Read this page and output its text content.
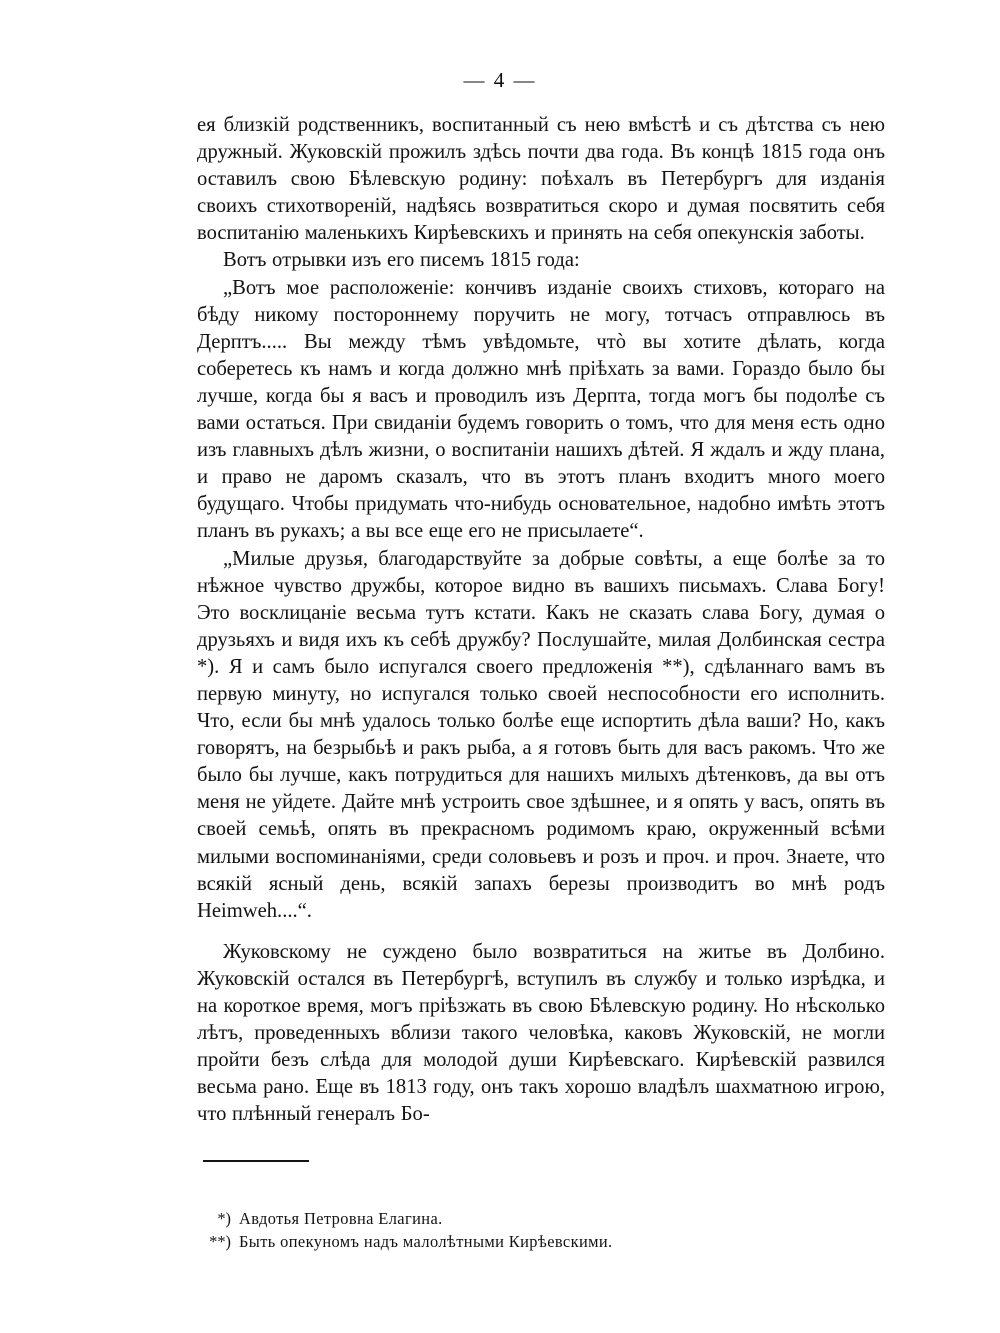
— 4 —

ея близкій родственникъ, воспитанный съ нею вмѣстѣ и съ дѣтства съ нею дружный. Жуковскій прожилъ здѣсь почти два года. Въ концѣ 1815 года онъ оставилъ свою Бѣлевскую родину: поѣхалъ въ Петербургъ для изданія своихъ стихотвореній, надѣясь возвратиться скоро и думая посвятить себя воспитанію маленькихъ Кирѣевскихъ и принять на себя опекунскія заботы.

Вотъ отрывки изъ его писемъ 1815 года:

„Вотъ мое расположеніе: кончивъ изданіе своихъ стиховъ, котораго на бѣду никому постороннему поручить не могу, тотчасъ отправлюсь въ Дерптъ..... Вы между тѣмъ увѣдомьте, чтò вы хотите дѣлать, когда соберетесь къ намъ и когда должно мнѣ пріѣхать за вами. Гораздо было бы лучше, когда бы я васъ и проводилъ изъ Дерпта, тогда могъ бы подолѣе съ вами остаться. При свиданіи будемъ говорить о томъ, что для меня есть одно изъ главныхъ дѣлъ жизни, о воспитаніи нашихъ дѣтей. Я ждалъ и жду плана, и право не даромъ сказалъ, что въ этотъ планъ входитъ много моего будущаго. Чтобы придумать что-нибудь основательное, надобно имѣть этотъ планъ въ рукахъ; а вы все еще его не присылаете“.

„Милые друзья, благодарствуйте за добрые совѣты, а еще болѣе за то нѣжное чувство дружбы, которое видно въ вашихъ письмахъ. Слава Богу! Это восклицаніе весьма тутъ кстати. Какъ не сказать слава Богу, думая о друзьяхъ и видя ихъ къ себѣ дружбу? Послушайте, милая Долбинская сестра *). Я и самъ было испугался своего предложенія **), сдѣланнаго вамъ въ первую минуту, но испугался только своей неспособности его исполнить. Что, если бы мнѣ удалось только болѣе еще испортить дѣла ваши? Но, какъ говорятъ, на безрыбьѣ и ракъ рыба, а я готовъ быть для васъ ракомъ. Что же было бы лучше, какъ потрудиться для нашихъ милыхъ дѣтенковъ, да вы отъ меня не уйдете. Дайте мнѣ устроить свое здѣшнее, и я опять у васъ, опять въ своей семьѣ, опять въ прекрасномъ родимомъ краю, окруженный всѣми милыми воспоминаніями, среди соловьевъ и розъ и проч. и проч. Знаете, что всякій ясный день, всякій запахъ березы производитъ во мнѣ родъ Heimweh....“.

Жуковскому не суждено было возвратиться на житье въ Долбино. Жуковскій остался въ Петербургѣ, вступилъ въ службу и только изрѣдка, и на короткое время, могъ пріѣзжать въ свою Бѣлевскую родину. Но нѣсколько лѣтъ, проведенныхъ вблизи такого человѣка, каковъ Жуковскій, не могли пройти безъ слѣда для молодой души Кирѣевскаго. Кирѣевскій развился весьма рано. Еще въ 1813 году, онъ такъ хорошо владѣлъ шахматною игрою, что плѣнный генералъ Бо-

*) Авдотья Петровна Елагина.

**) Быть опекуномъ надъ малолѣтными Кирѣевскими.
